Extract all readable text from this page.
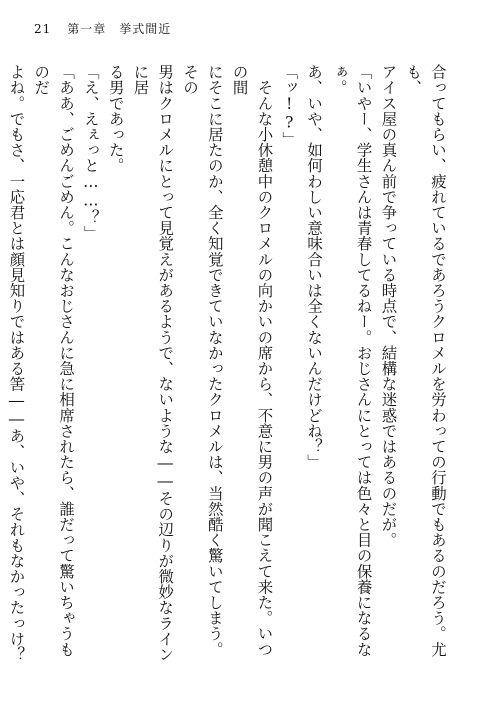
21 第一章　挙式間近
合ってもらい、疲れているであろうクロメルを労わっての行動でもあるのだろう。尤も、
アイス屋の真ん前で争っている時点で、結構な迷惑ではあるのだが。
「いやー、学生さんは青春してるねー。おじさんにとっては色々と目の保養になるなぁ。
あ、いや、如何わしい意味合いは全くないんだけどね？」
「ッ!?」
　そんな小休憩中のクロメルの向かいの席から、不意に男の声が聞こえて来た。いつの間
にそこに居たのか、全く知覚できていなかったクロメルは、当然酷く驚いてしまう。その
男はクロメルにとって見覚えがあるようで、ないような――その辺りが微妙なラインに居
る男であった。
「え、えぇっと……？」
「ああ、ごめんごめん。こんなおじさんに急に相席されたら、誰だって驚いちゃうものだ
よね。でもさ、一応君とは顔見知りではある筈――あ、いや、それもなかったっけ？　
